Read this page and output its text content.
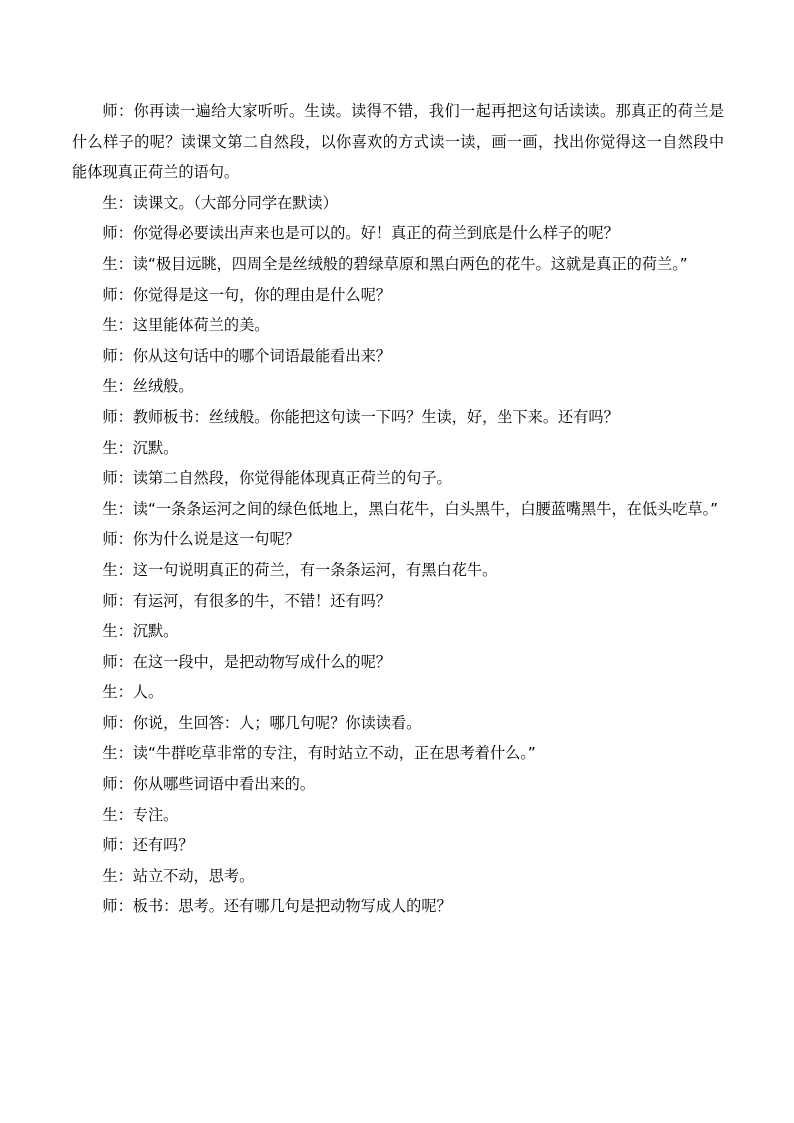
师：你再读一遍给大家听听。生读。读得不错，我们一起再把这句话读读。那真正的荷兰是什么样子的呢？读课文第二自然段，以你喜欢的方式读一读，画一画，找出你觉得这一自然段中能体现真正荷兰的语句。

生：读课文。（大部分同学在默读）

师：你觉得必要读出声来也是可以的。好！真正的荷兰到底是什么样子的呢？

生：读“极目远眺，四周全是丝绒般的碧绿草原和黑白两色的花牛。这就是真正的荷兰。”

师：你觉得是这一句，你的理由是什么呢？

生：这里能体荷兰的美。

师：你从这句话中的哪个词语最能看出来？

生：丝绒般。

师：教师板书：丝绒般。你能把这句读一下吗？生读，好，坐下来。还有吗？

生：沉默。

师：读第二自然段，你觉得能体现真正荷兰的句子。

生：读“一条条运河之间的绿色低地上，黑白花牛，白头黑牛，白腰蓝嘴黑牛，在低头吃草。”

师：你为什么说是这一句呢？

生：这一句说明真正的荷兰，有一条条运河，有黑白花牛。

师：有运河，有很多的牛，不错！还有吗？

生：沉默。

师：在这一段中，是把动物写成什么的呢？

生：人。

师：你说，生回答：人；哪几句呢？你读读看。

生：读“牛群吃草非常的专注，有时站立不动，正在思考着什么。”

师：你从哪些词语中看出来的。

生：专注。

师：还有吗？

生：站立不动，思考。

师：板书：思考。还有哪几句是把动物写成人的呢？
